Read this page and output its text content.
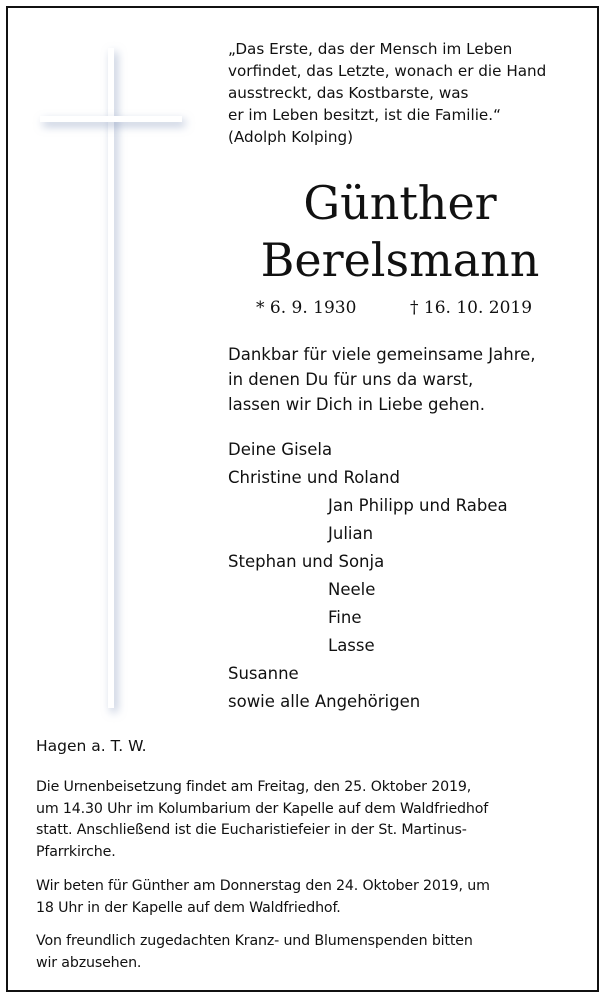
„Das Erste, das der Mensch im Leben
vorfindet, das Letzte, wonach er die Hand
ausstreckt, das Kostbarste, was
er im Leben besitzt, ist die Familie.“
(Adolph Kolping)
Günther
Berelsmann
* 6. 9. 1930	† 16. 10. 2019
Dankbar für viele gemeinsame Jahre,
in denen Du für uns da warst,
lassen wir Dich in Liebe gehen.
Deine Gisela
Christine und Roland
Jan Philipp und Rabea
Julian
Stephan und Sonja
Neele
Fine
Lasse
Susanne
sowie alle Angehörigen
Hagen a. T. W.
Die Urnenbeisetzung findet am Freitag, den 25. Oktober 2019,
um 14.30 Uhr im Kolumbarium der Kapelle auf dem Waldfriedhof
statt. Anschließend ist die Eucharistiefeier in der St. Martinus-
Pfarrkirche.
Wir beten für Günther am Donnerstag den 24. Oktober 2019, um
18 Uhr in der Kapelle auf dem Waldfriedhof.
Von freundlich zugedachten Kranz- und Blumenspenden bitten
wir abzusehen.
